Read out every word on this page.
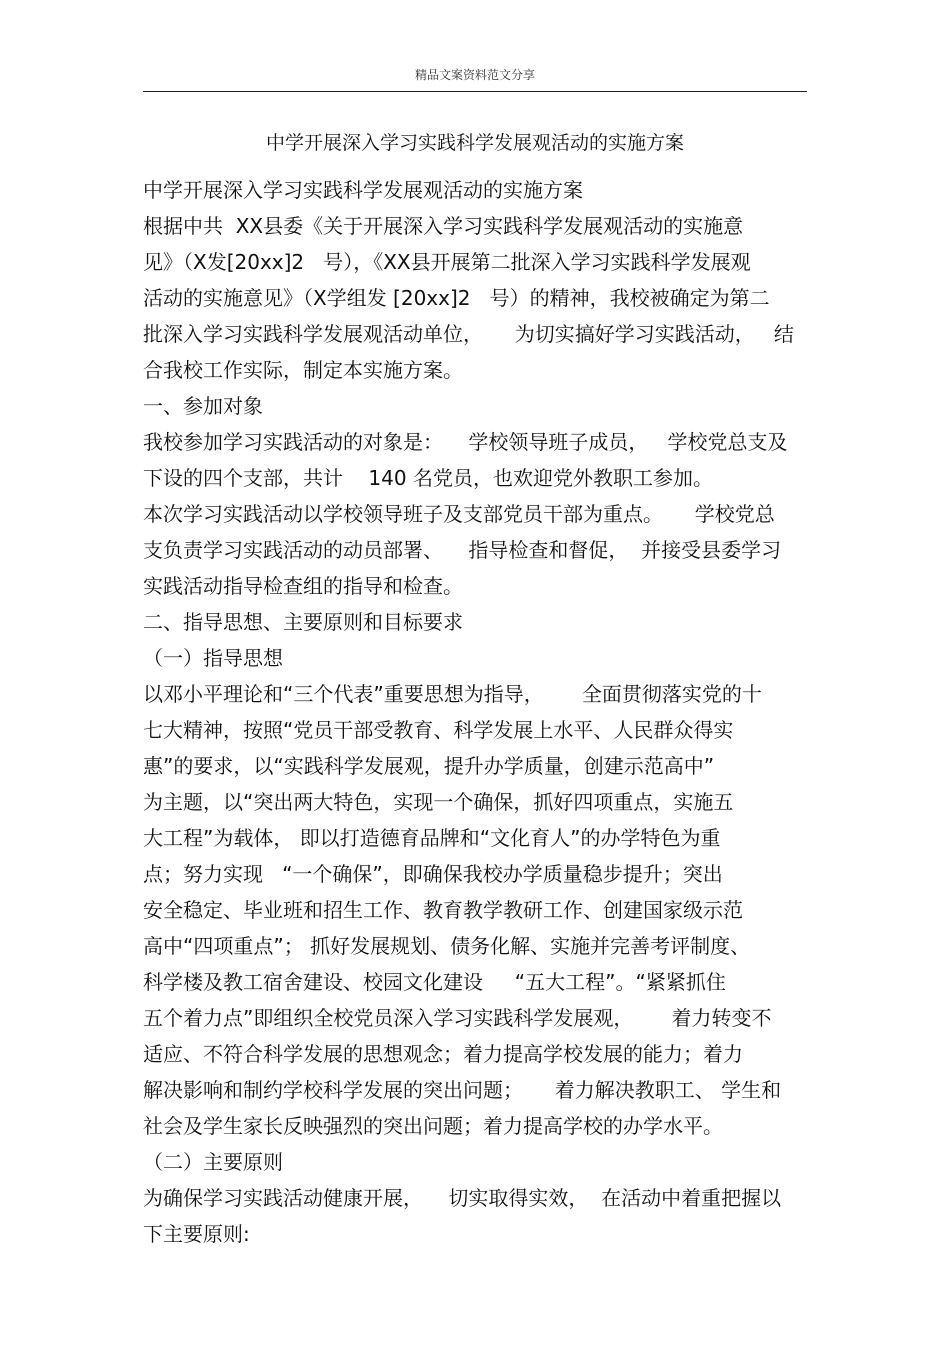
精品文案资料范文分享
中学开展深入学习实践科学发展观活动的实施方案
中学开展深入学习实践科学发展观活动的实施方案
根据中共  XX县委《关于开展深入学习实践科学发展观活动的实施意
见》（X发[20xx]2   号），《XX县开展第二批深入学习实践科学发展观
活动的实施意见》（X学组发 [20xx]2   号）的精神，我校被确定为第二
批深入学习实践科学发展观活动单位，     为切实搞好学习实践活动，   结
合我校工作实际，制定本实施方案。
一、参加对象
我校参加学习实践活动的对象是：    学校领导班子成员，   学校党总支及
下设的四个支部，共计    140 名党员，也欢迎党外教职工参加。
本次学习实践活动以学校领导班子及支部党员干部为重点。     学校党总
支负责学习实践活动的动员部署、    指导检查和督促，  并接受县委学习
实践活动指导检查组的指导和检查。
二、指导思想、主要原则和目标要求
（一）指导思想
以邓小平理论和“三个代表”重要思想为指导，      全面贯彻落实党的十
七大精神，按照“党员干部受教育、科学发展上水平、人民群众得实
惠”的要求，以“实践科学发展观，提升办学质量，创建示范高中”
为主题，以“突出两大特色，实现一个确保，抓好四项重点，实施五
大工程”为载体， 即以打造德育品牌和“文化育人”的办学特色为重
点；努力实现   “一个确保”，即确保我校办学质量稳步提升；突出
安全稳定、毕业班和招生工作、教育教学教研工作、创建国家级示范
高中“四项重点”； 抓好发展规划、债务化解、实施并完善考评制度、
科学楼及教工宿舍建设、校园文化建设     “五大工程”。“紧紧抓住
五个着力点”即组织全校党员深入学习实践科学发展观，      着力转变不
适应、不符合科学发展的思想观念；着力提高学校发展的能力；着力
解决影响和制约学校科学发展的突出问题；     着力解决教职工、 学生和
社会及学生家长反映强烈的突出问题；着力提高学校的办学水平。
（二）主要原则
为确保学习实践活动健康开展，    切实取得实效，  在活动中着重把握以
下主要原则:
